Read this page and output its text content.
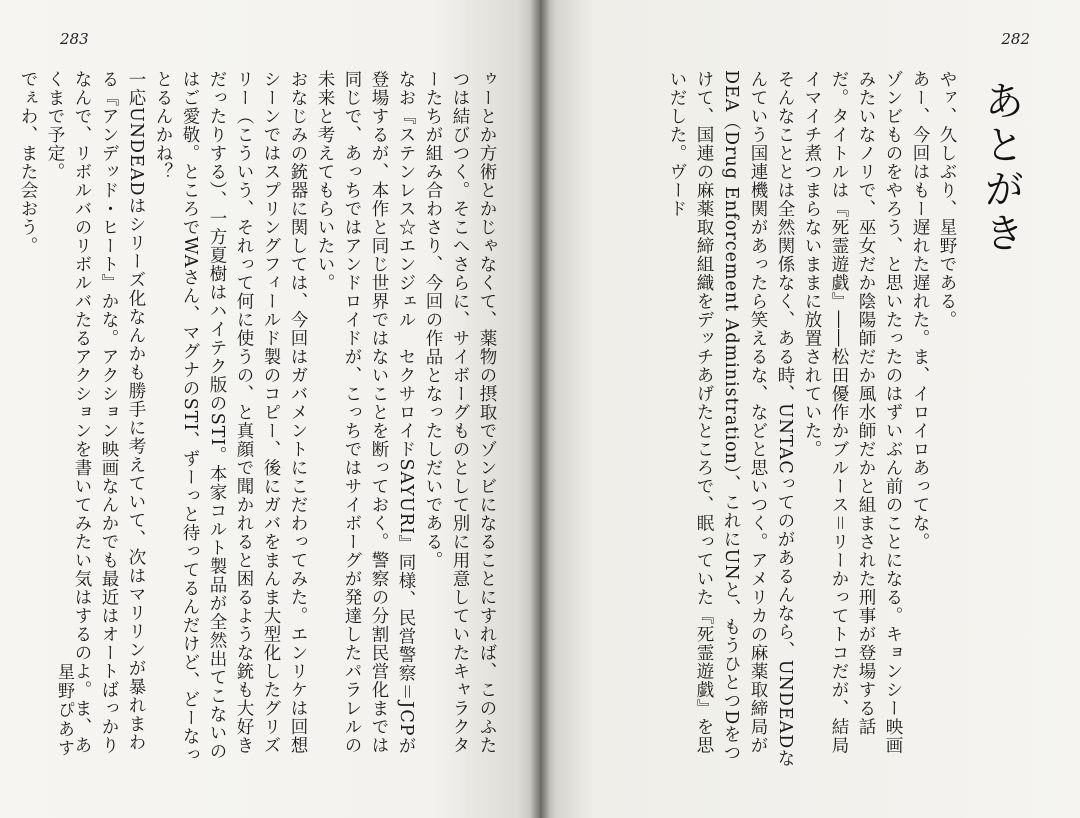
283

ゥーとか方術とかじゃなくて、薬物の摂取でゾンビになることにすれば、このふたつは結びつく。そこへさらに、サイボーグものとして別に用意していたキャラクターたちが組み合わさり、今回の作品となったしだいである。

なお『ステンレス☆エンジェル　セクサロイドSAYURI』同様、民営警察＝JCPが登場するが、本作と同じ世界ではないことを断っておく。警察の分割民営化までは同じで、あっちではアンドロイドが、こっちではサイボーグが発達したパラレルの未来と考えてもらいたい。

おなじみの銃器に関しては、今回はガバメントにこだわってみた。エンリケは回想シーンではスプリングフィールド製のコピー、後にガバをまんま大型化したグリズリー（こういう、それって何に使うの、と真顔で聞かれると困るような銃も大好きだったりする）、一方夏樹はハイテク版のSTI。本家コルト製品が全然出てこないのはご愛敬。ところでWAさん、マグナのSTI、ずーっと待ってるんだけど、どーなっとるんかね？

一応UNDEADはシリーズ化なんかも勝手に考えていて、次はマリリンが暴れまわる『アンデッド・ヒート』かな。アクション映画なんかでも最近はオートばっかりなんで、リボルバのリボルバたるアクションを書いてみたい気はするのよ。ま、あくまで予定。

でぇわ、また会おう。

星野ぴあす
282
あとがき

やァ、久しぶり、星野である。

あー、今回はもー遅れた遅れた。ま、イロイロあってな。

ゾンビものをやろう、と思いたったのはずいぶん前のことになる。キョンシー映画みたいなノリで、巫女だか陰陽師だか風水師だかと組まされた刑事が登場する話だ。タイトルは『死霊遊戯』――松田優作かブルース＝リーかってトコだが、結局イマイチ煮つまらないままに放置されていた。

そんなこととは全然関係なく、ある時、UNTACってのがあるんなら、UNDEADなんていう国連機関があったら笑えるな、などと思いつく。アメリカの麻薬取締局がDEA（Drug Enforcement Administration）、これにUNと、もうひとつDをつけて、国連の麻薬取締組織をデッチあげたところで、眠っていた『死霊遊戯』を思いだした。ヴード
